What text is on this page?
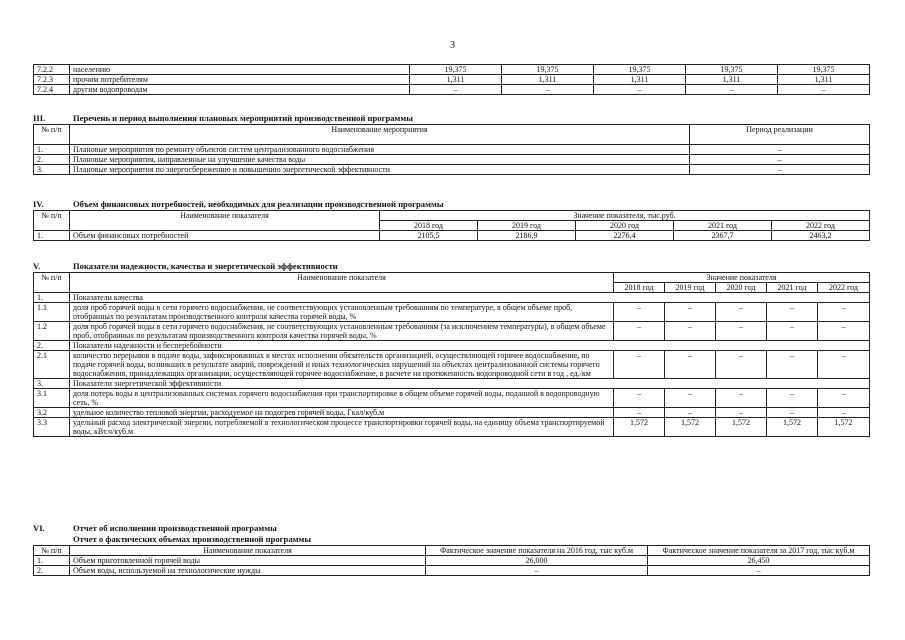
3
7.2.2	населению	19,375	19,375	19,375	19,375	19,375
7.2.3	прочим потребителям	1,311	1,311	1,311	1,311	1,311
7.2.4	другим водопроводам	–	–	–	–	–
III.	Перечень и период выполнения плановых мероприятий производственной программы
№ п/п	Наименование мероприятия	Период реализации
1.	Плановые мероприятия по ремонту объектов систем централизованного водоснабжения	–
2.	Плановые мероприятия, направленные на улучшение качества воды	–
3.	Плановые мероприятия по энергосбережению и повышению энергетической эффективности	–
IV.	Объем финансовых потребностей, необходимых для реализации производственной программы
№ п/п	Наименование показателя	Значение показателя, тыс.руб.				
		2018 год	2019 год	2020 год	2021 год	2022 год
1.	Объем финансовых потребностей	2105,5	2186,9	2276,4	2367,7	2463,2
V.	Показатели надежности, качества и энергетической эффективности
№ п/п	Наименование показателя	Значение показателя				
		2018 год	2019 год	2020 год	2021 год	2022 год
1.	Показатели качества					
1.1	доля проб горячей воды в сети горячего водоснабжения, не соответствующих установленным требованиям по температуре, в общем объеме проб, отобранных по результатам производственного контроля качества горячей воды, %	–	–	–	–	–
1.2	доля проб горячей воды в сети горячего водоснабжения, не соответствующих установленным требованиям (за исключением температуры), в общем объеме проб, отобранных по результатам производственного контроля качества горячей воды, %	–	–	–	–	–
2.	Показатели надежности и бесперебойности					
2.1	количество перерывов в подаче воды, зафиксированных в местах исполнения обязательств организацией, осуществляющей горячее водоснабжение, по подаче горячей воды, возникших в результате аварий, повреждений и иных технологических нарушений на объектах централизованной системы горячего водоснабжения, принадлежащих организации, осуществляющей горячее водоснабжение, в расчете на протяженность водопроводной сети в год , ед./км	–	–	–	–	–
3.	Показатели энергетической эффективности					
3.1	доля потерь воды в централизованных системах горячего водоснабжения при транспортировке в общем объеме горячей воды, поданной в водопроводную сеть, %	–	–	–	–	–
3.2	удельное количество тепловой энергии, расходуемое на подогрев горячей воды, Гкал/куб.м	–	–	–	–	–
3.3	удельный расход электрической энергии, потребляемой в технологическом процессе транспортировки горячей воды, на единицу объема транспортируемой воды, кВт.ч/куб.м	1,572	1,572	1,572	1,572	1,572
VI.	Отчет об исполнении производственной программы
Отчет о фактических объемах производственной программы
№ п/п	Наименование показателя	Фактическое значение показателя на 2016 год, тыс куб.м	Фактическое значение показателя за 2017 год, тыс куб.м
1.	Объем приготовленной горячей воды	26,000	26,450
2.	Объем воды, используемой на технологические нужды	–	–
